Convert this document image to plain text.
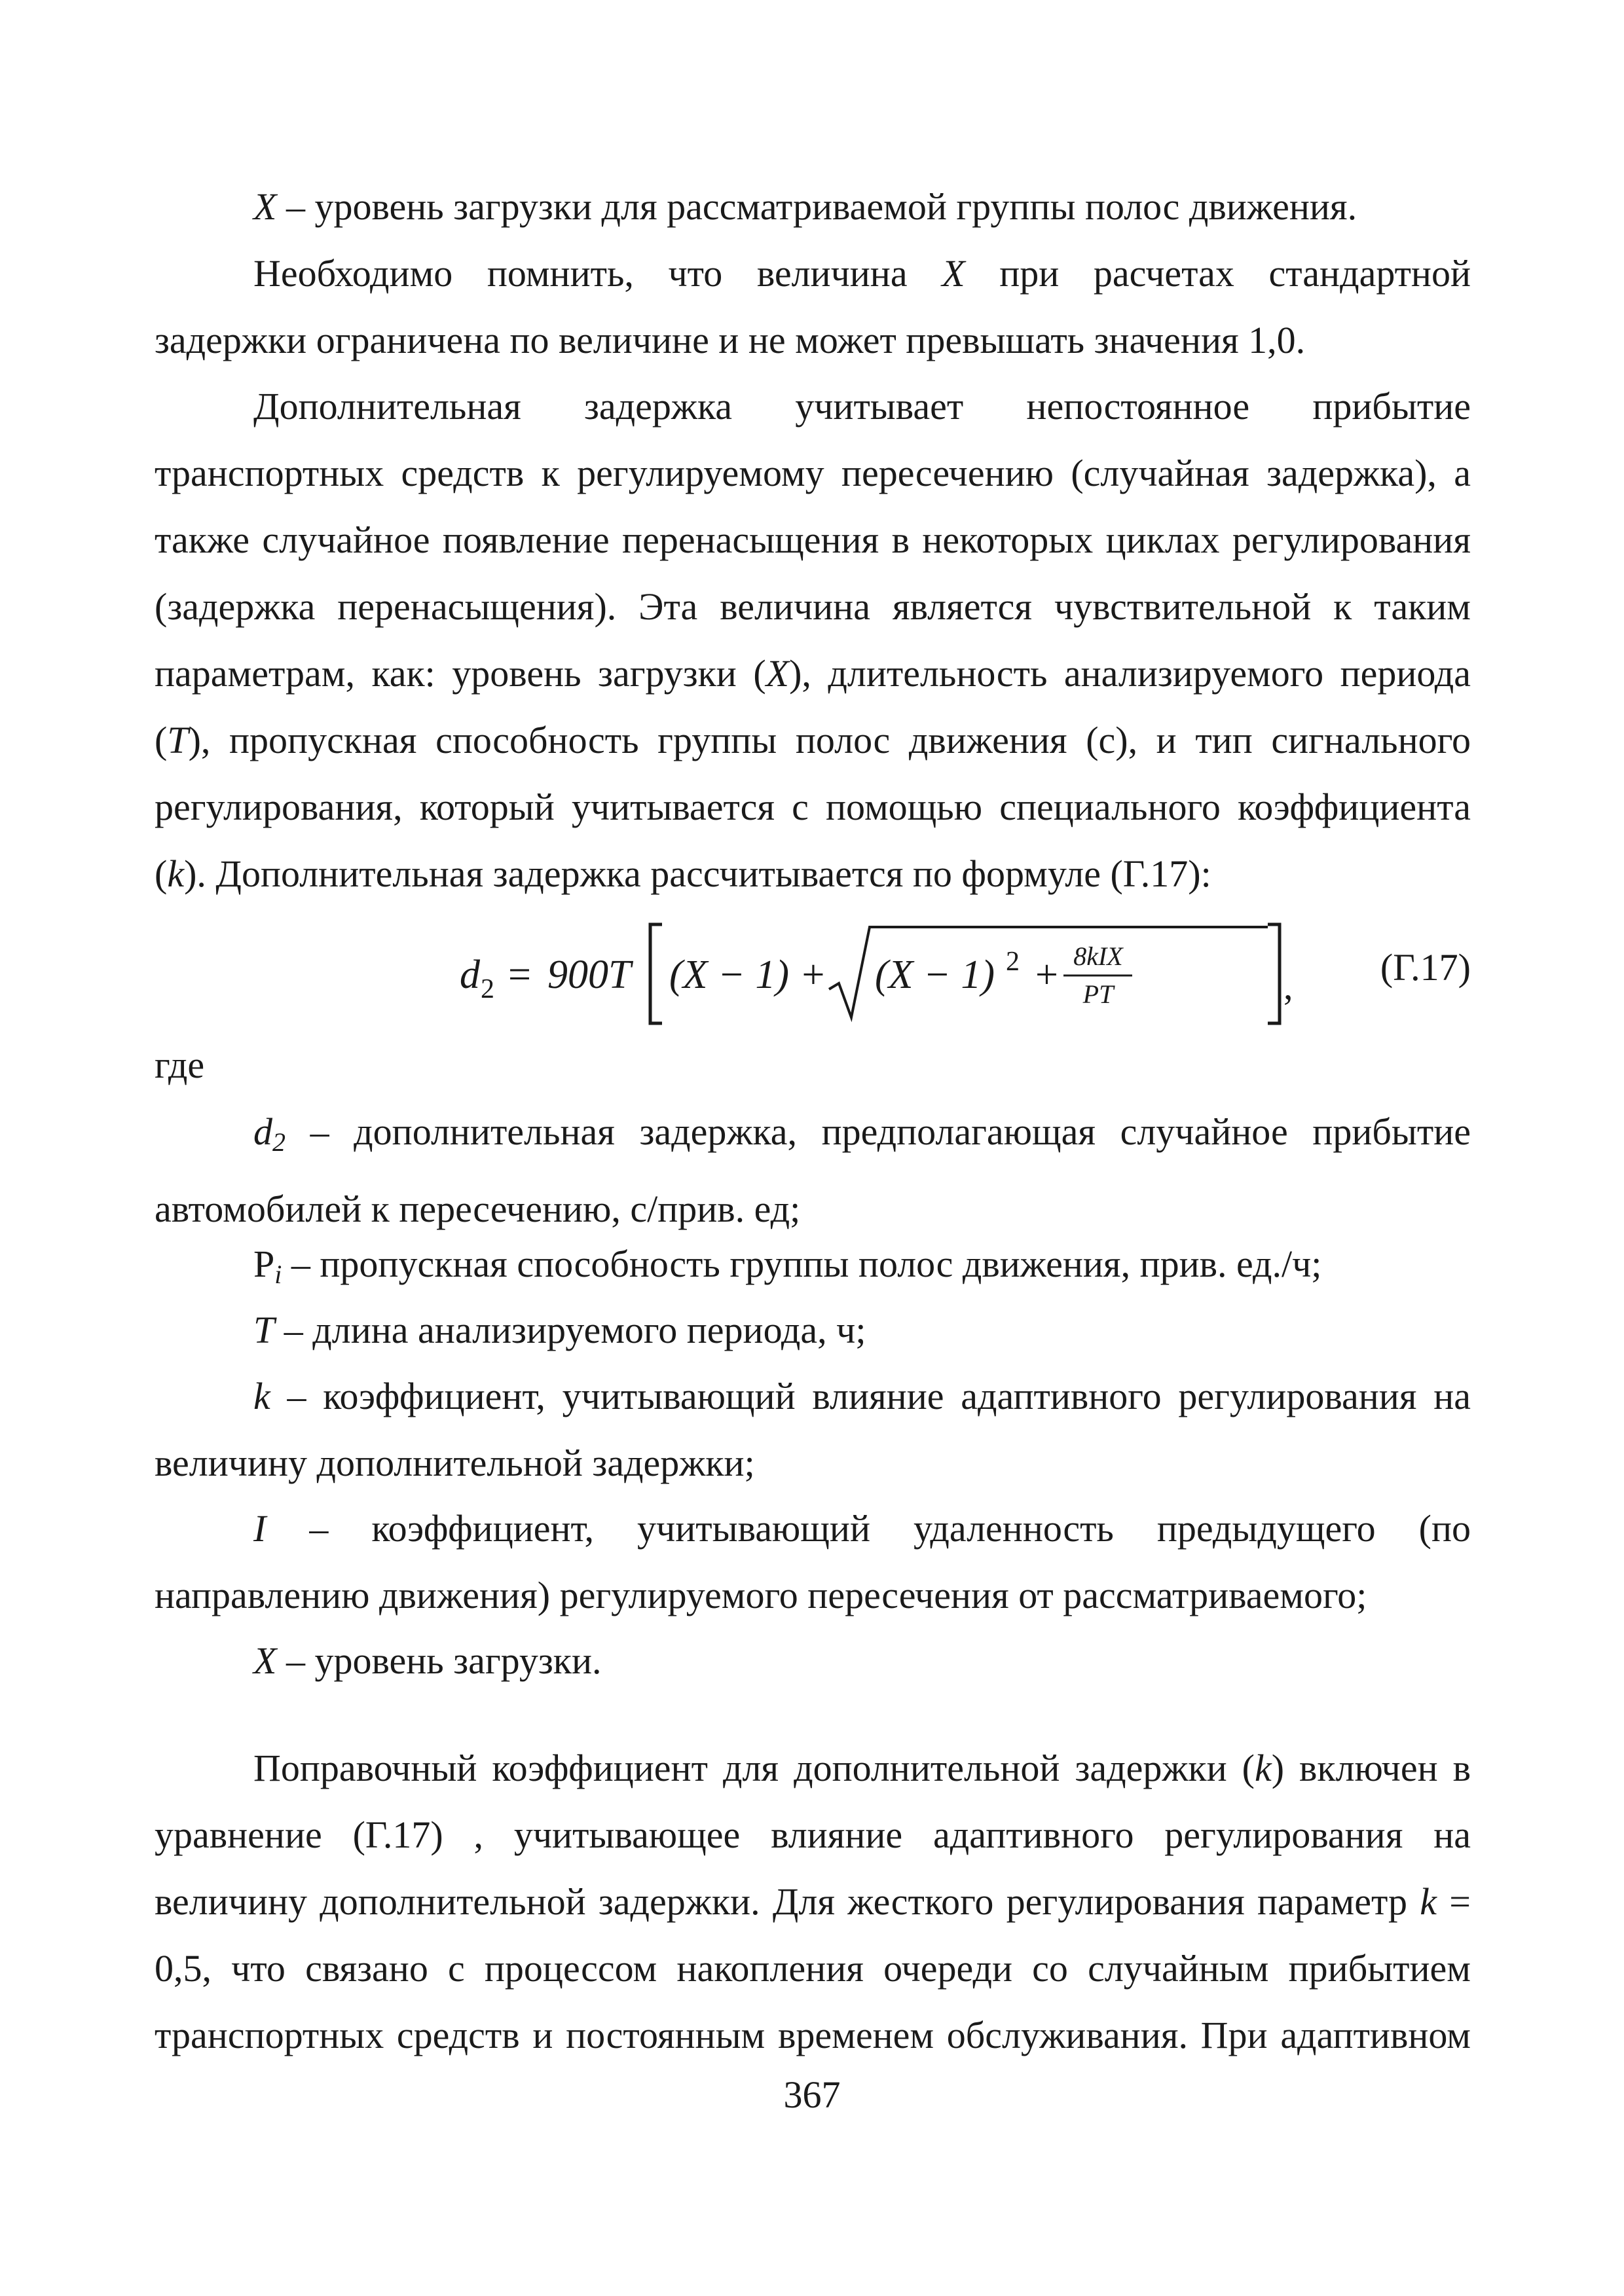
X – уровень загрузки для рассматриваемой группы полос движения.
Необходимо помнить, что величина X при расчетах стандартной
задержки ограничена по величине и не может превышать значения 1,0.
Дополнительная задержка учитывает непостоянное прибытие
транспортных средств к регулируемому пересечению (случайная задержка), а
также случайное появление перенасыщения в некоторых циклах регулирования
(задержка перенасыщения). Эта величина является чувствительной к таким
параметрам, как: уровень загрузки (X), длительность анализируемого периода
(T), пропускная способность группы полос движения (с), и тип сигнального
регулирования, который учитывается с помощью специального коэффициента
(k). Дополнительная задержка рассчитывается по формуле (Г.17):
d 2 = 900T (X − 1) + (X − 1) 2 + 8kIX
PT	, (Г.17)
где
d2 – дополнительная задержка, предполагающая случайное прибытие
автомобилей к пересечению, с/прив. ед;
Pi – пропускная способность группы полос движения, прив. ед./ч;
T – длина анализируемого периода, ч;
k – коэффициент, учитывающий влияние адаптивного регулирования на
величину дополнительной задержки;
I – коэффициент, учитывающий удаленность предыдущего (по
направлению движения) регулируемого пересечения от рассматриваемого;
X – уровень загрузки.
Поправочный коэффициент для дополнительной задержки (k) включен в
уравнение (Г.17) , учитывающее влияние адаптивного регулирования на
величину дополнительной задержки. Для жесткого регулирования параметр k =
0,5, что связано с процессом накопления очереди со случайным прибытием
транспортных средств и постоянным временем обслуживания. При адаптивном
367
